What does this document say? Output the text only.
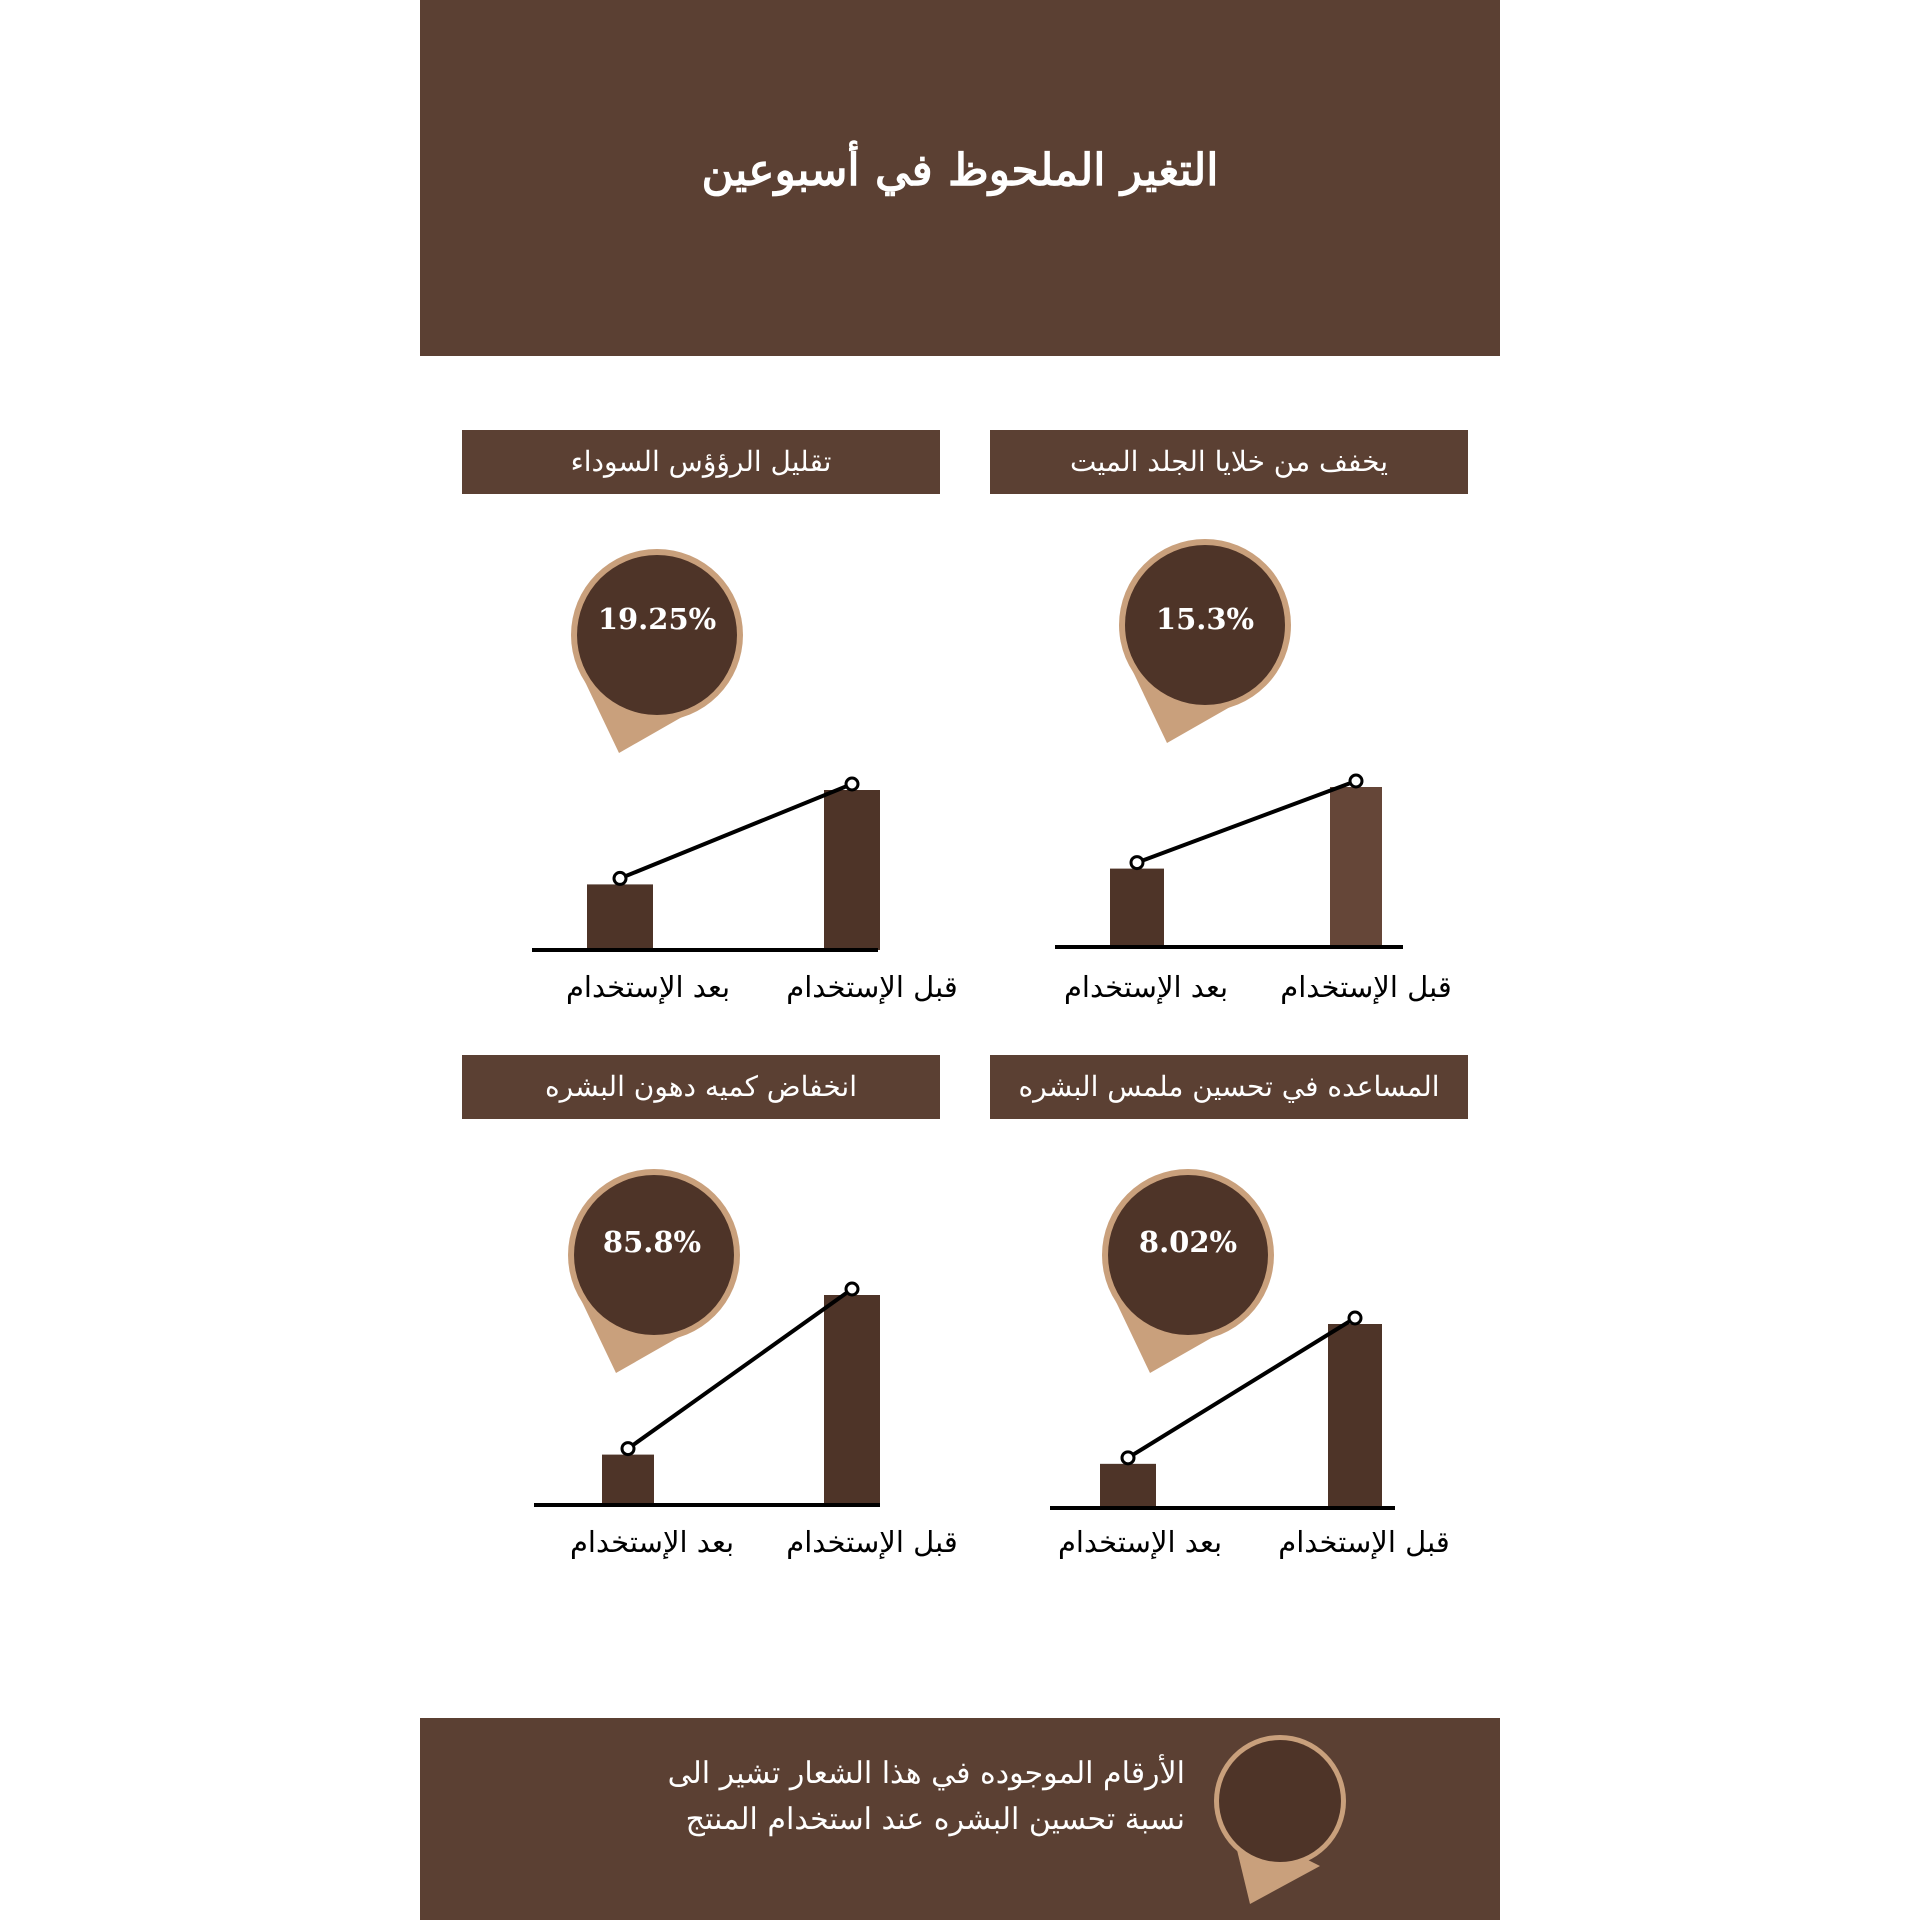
التغير الملحوظ في أسبوعين
تقليل الرؤؤس السوداء
19.25%
قبل الإستخدام
بعد الإستخدام
يخفف من خلايا الجلد الميت
15.3%
قبل الإستخدام
بعد الإستخدام
انخفاض كميه دهون البشره
85.8%
قبل الإستخدام
بعد الإستخدام
المساعده في تحسين ملمس البشره
8.02%
قبل الإستخدام
بعد الإستخدام
الأرقام الموجوده في هذا الشعار تشير الى
نسبة تحسين البشره عند استخدام المنتج
